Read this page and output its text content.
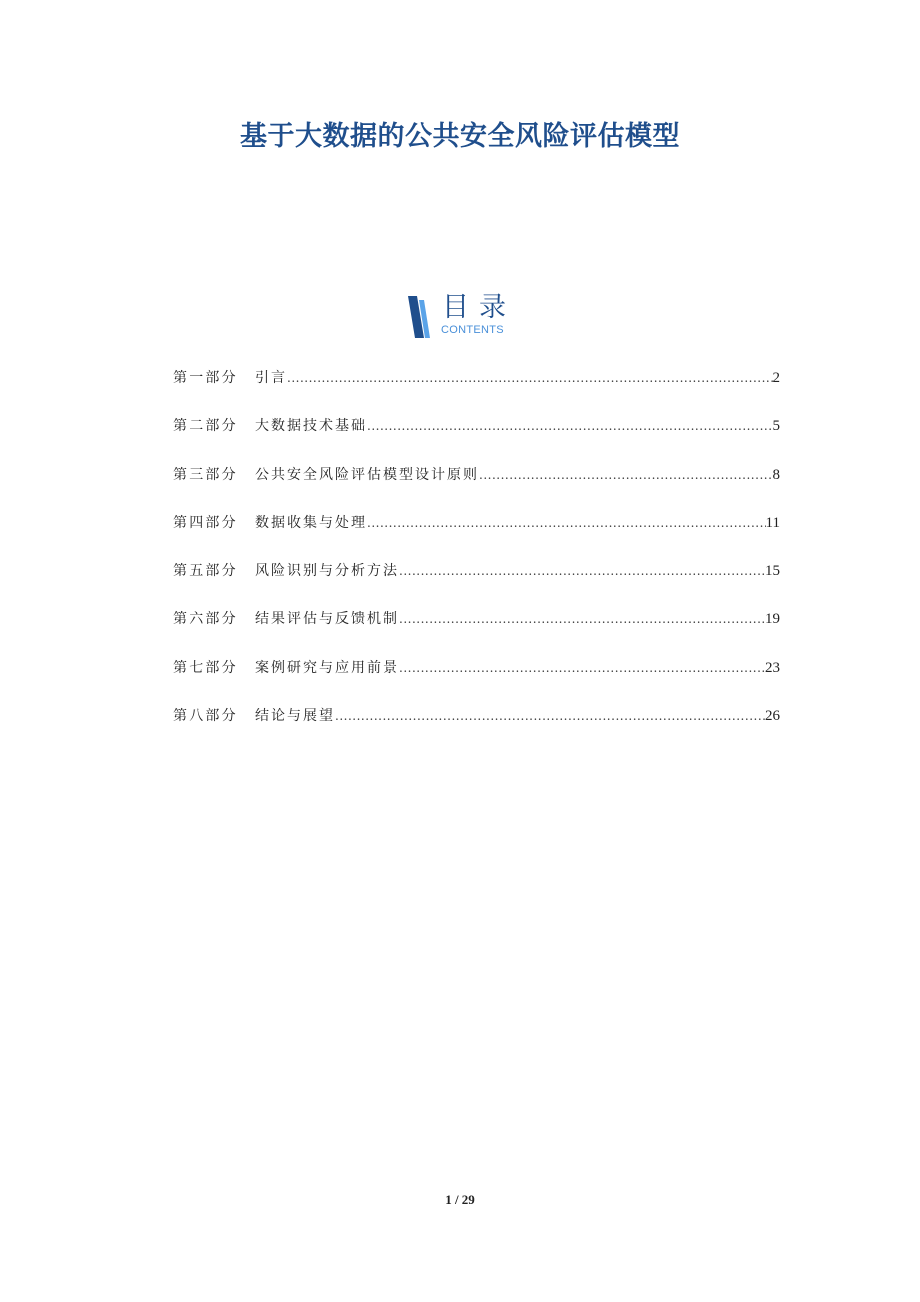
基于大数据的公共安全风险评估模型
目录
CONTENTS
第一部分	引言 .....	2
第二部分	大数据技术基础 .....	5
第三部分	公共安全风险评估模型设计原则 .....	8
第四部分	数据收集与处理 .....	11
第五部分	风险识别与分析方法 .....	15
第六部分	结果评估与反馈机制 .....	19
第七部分	案例研究与应用前景 .....	23
第八部分	结论与展望 .....	26
1 / 29
